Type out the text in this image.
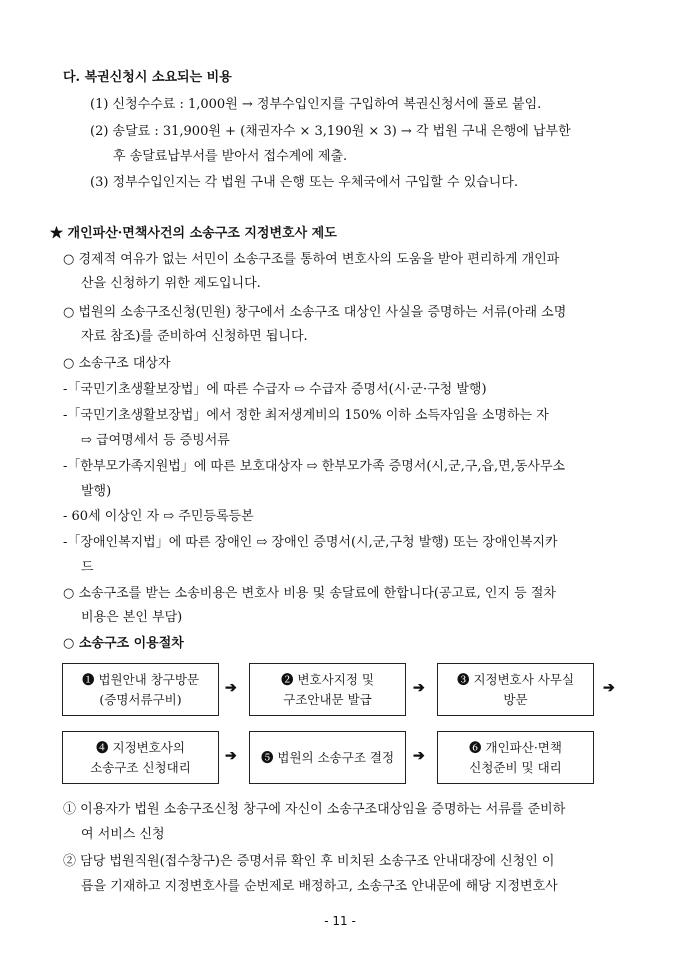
다. 복권신청시 소요되는 비용
(1) 신청수수료 : 1,000원 → 정부수입인지를 구입하여 복권신청서에 풀로 붙임.
(2) 송달료 : 31,900원 + (채권자수 × 3,190원 × 3) → 각 법원 구내 은행에 납부한
후 송달료납부서를 받아서 접수계에 제출.
(3) 정부수입인지는 각 법원 구내 은행 또는 우체국에서 구입할 수 있습니다.
★ 개인파산·면책사건의 소송구조 지정변호사 제도
○ 경제적 여유가 없는 서민이 소송구조를 통하여 변호사의 도움을 받아 편리하게 개인파
산을 신청하기 위한 제도입니다.
○ 법원의 소송구조신청(민원) 창구에서 소송구조 대상인 사실을 증명하는 서류(아래 소명
자료 참조)를 준비하여 신청하면 됩니다.
○ 소송구조 대상자
-「국민기초생활보장법」에 따른 수급자 ⇨ 수급자 증명서(시·군·구청 발행)
-「국민기초생활보장법」에서 정한 최저생계비의 150% 이하 소득자임을 소명하는 자
⇨ 급여명세서 등 증빙서류
-「한부모가족지원법」에 따른 보호대상자 ⇨ 한부모가족 증명서(시,군,구,읍,면,동사무소
발행)
- 60세 이상인 자 ⇨ 주민등록등본
-「장애인복지법」에 따른 장애인 ⇨ 장애인 증명서(시,군,구청 발행) 또는 장애인복지카
드
○ 소송구조를 받는 소송비용은 변호사 비용 및 송달료에 한합니다(공고료, 인지 등 절차
비용은 본인 부담)
○ 소송구조 이용절차
❶ 법원안내 창구방문
(증명서류구비)
➔
❷ 변호사지정 및
구조안내문 발급
➔
❸ 지정변호사 사무실
방문
➔
❹ 지정변호사의
소송구조 신청대리
➔ ❺ 법원의 소송구조 결정 ➔
❻ 개인파산·면책
신청준비 및 대리
① 이용자가 법원 소송구조신청 창구에 자신이 소송구조대상임을 증명하는 서류를 준비하
여 서비스 신청
② 담당 법원직원(접수창구)은 증명서류 확인 후 비치된 소송구조 안내대장에 신청인 이
름을 기재하고 지정변호사를 순번제로 배정하고, 소송구조 안내문에 해당 지정변호사
- 11 -
